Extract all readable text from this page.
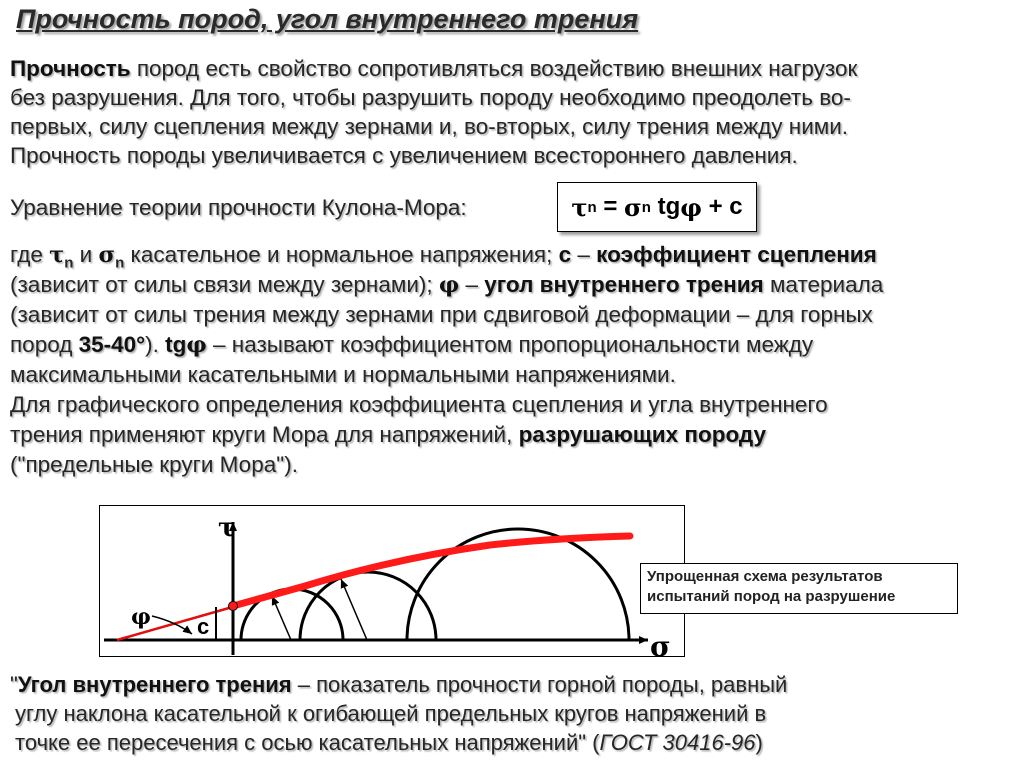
Прочность пород, угол внутреннего трения
Прочность пород есть свойство сопротивляться воздействию внешних нагрузок
без разрушения. Для того, чтобы разрушить породу необходимо преодолеть во-
первых, силу сцепления между зернами и, во-вторых, силу трения между ними.
Прочность породы увеличивается с увеличением всестороннего давления.
Уравнение теории прочности Кулона-Мора:	τ n = σ n tg φ + c
где $\tau_n$ и $\sigma_n$ касательное и нормальное напряжения; c – коэффициент сцепления
(зависит от силы связи между зернами); φ – угол внутреннего трения материала
(зависит от силы трения между зернами при сдвиговой деформации – для горных
пород 35-40°). tgφ – называют коэффициентом пропорциональности между
максимальными касательными и нормальными напряжениями.
Для графического определения коэффициента сцепления и угла внутреннего
трения применяют круги Мора для напряжений, разрушающих породу
("предельные круги Мора").
τ
σ
φ c
Упрощенная схема результатов
испытаний пород на разрушение
"Угол внутреннего трения – показатель прочности горной породы, равный
углу наклона касательной к огибающей предельных кругов напряжений в
точке ее пересечения с осью касательных напряжений" (ГОСТ 30416-96)
